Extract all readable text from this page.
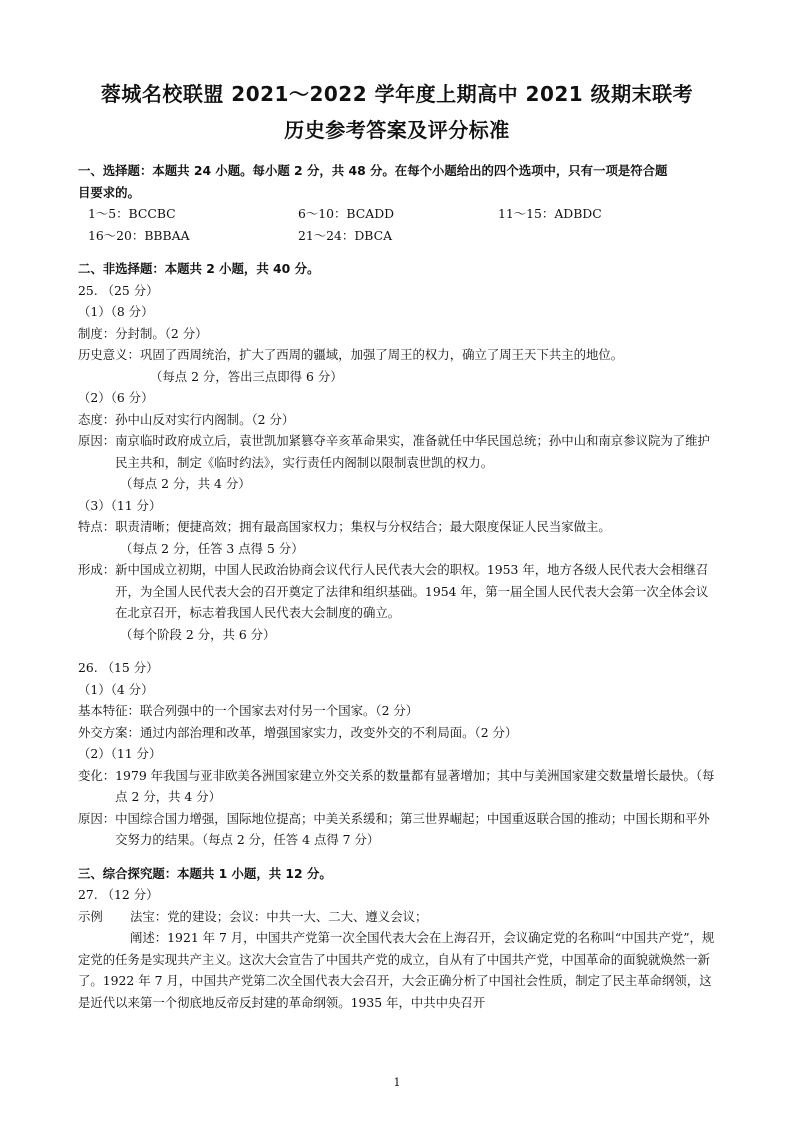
蓉城名校联盟 2021～2022 学年度上期高中 2021 级期末联考
历史参考答案及评分标准
一、选择题：本题共 24 小题。每小题 2 分，共 48 分。在每个小题给出的四个选项中，只有一项是符合题
目要求的。
1～5：BCCBC	6～10：BCADD	11～15：ADBDC
16～20：BBBAA	21～24：DBCA
二、非选择题：本题共 2 小题，共 40 分。
25. （25 分）
（1）（8 分）
制度： 分封制。（2 分）
历史意义： 巩固了西周统治，扩大了西周的疆域，加强了周王的权力，确立了周王天下共主的地位。
（每点 2 分，答出三点即得 6 分）
（2）（6 分）
态度： 孙中山反对实行内阁制。（2 分）
原因： 南京临时政府成立后，袁世凯加紧篡夺辛亥革命果实，准备就任中华民国总统；孙中山和南京参议院为了维护民主共和，制定《临时约法》，实行责任内阁制以限制袁世凯的权力。
（每点 2 分，共 4 分）
（3）（11 分）
特点： 职责清晰；便捷高效；拥有最高国家权力；集权与分权结合；最大限度保证人民当家做主。
（每点 2 分，任答 3 点得 5 分）
形成： 新中国成立初期，中国人民政治协商会议代行人民代表大会的职权。1953 年，地方各级人民代表大会相继召开，为全国人民代表大会的召开奠定了法律和组织基础。1954 年，第一届全国人民代表大会第一次全体会议在北京召开，标志着我国人民代表大会制度的确立。
（每个阶段 2 分，共 6 分）
26. （15 分）
（1）（4 分）
基本特征： 联合列强中的一个国家去对付另一个国家。（2 分）
外交方案： 通过内部治理和改革，增强国家实力，改变外交的不利局面。（2 分）
（2）（11 分）
变化： 1979 年我国与亚非欧美各洲国家建立外交关系的数量都有显著增加；其中与美洲国家建交数量增长最快。（每点 2 分，共 4 分）
原因： 中国综合国力增强，国际地位提高；中美关系缓和；第三世界崛起；中国重返联合国的推动；中国长期和平外交努力的结果。（每点 2 分，任答 4 点得 7 分）
三、综合探究题：本题共 1 小题，共 12 分。
27. （12 分）
示例	法宝：党的建设；会议：中共一大、二大、遵义会议；
阐述：1921 年 7 月，中国共产党第一次全国代表大会在上海召开，会议确定党的名称叫“中国共产党”，规定党的任务是实现共产主义。这次大会宣告了中国共产党的成立，自从有了中国共产党，中国革命的面貌就焕然一新了。1922 年 7 月，中国共产党第二次全国代表大会召开，大会正确分析了中国社会性质，制定了民主革命纲领，这是近代以来第一个彻底地反帝反封建的革命纲领。1935 年，中共中央召开
1
